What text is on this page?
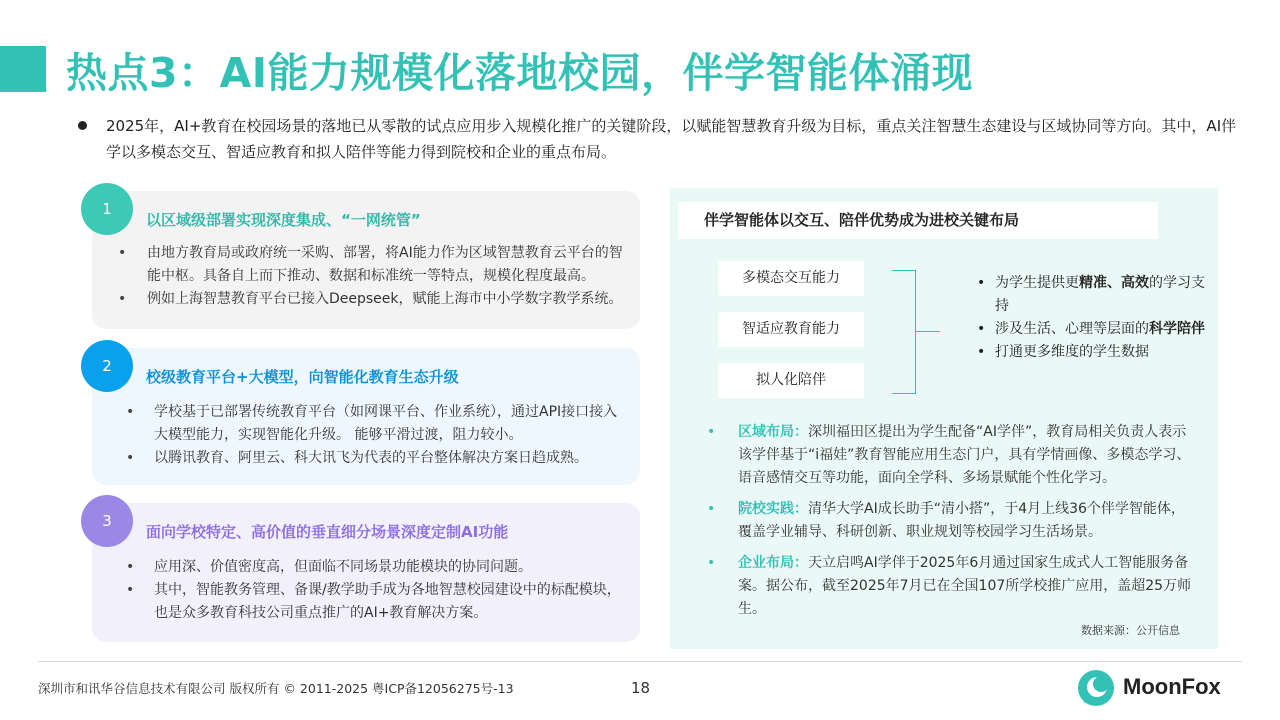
热点3：AI能力规模化落地校园，伴学智能体涌现

2025年，AI+教育在校园场景的落地已从零散的试点应用步入规模化推广的关键阶段，以赋能智慧教育升级为目标，重点关注智慧生态建设与区域协同等方向。其中，AI伴学以多模态交互、智适应教育和拟人陪伴等能力得到院校和企业的重点布局。

1
以区域级部署实现深度集成、“一网统管”
• 由地方教育局或政府统一采购、部署，将AI能力作为区域智慧教育云平台的智能中枢。具备自上而下推动、数据和标准统一等特点，规模化程度最高。
• 例如上海智慧教育平台已接入Deepseek，赋能上海市中小学数字教学系统。
2
校级教育平台+大模型，向智能化教育生态升级
• 学校基于已部署传统教育平台（如网课平台、作业系统），通过API接口接入大模型能力，实现智能化升级。 能够平滑过渡，阻力较小。
• 以腾讯教育、阿里云、科大讯飞为代表的平台整体解决方案日趋成熟。
3
面向学校特定、高价值的垂直细分场景深度定制AI功能
• 应用深、价值密度高，但面临不同场景功能模块的协同问题。
• 其中，智能教务管理、备课/教学助手成为各地智慧校园建设中的标配模块，也是众多教育科技公司重点推广的AI+教育解决方案。
伴学智能体以交互、陪伴优势成为进校关键布局
多模态交互能力
智适应教育能力
拟人化陪伴
• 为学生提供更精准、高效的学习支持
• 涉及生活、心理等层面的科学陪伴
• 打通更多维度的学生数据
• 区域布局：深圳福田区提出为学生配备“AI学伴”，教育局相关负责人表示该学伴基于“i福娃”教育智能应用生态门户，具有学情画像、多模态学习、语音感情交互等功能，面向全学科、多场景赋能个性化学习。
• 院校实践：清华大学AI成长助手“清小搭”，于4月上线36个伴学智能体，覆盖学业辅导、科研创新、职业规划等校园学习生活场景。
• 企业布局：天立启鸣AI学伴于2025年6月通过国家生成式人工智能服务备案。据公布，截至2025年7月已在全国107所学校推广应用，盖超25万师生。
数据来源：公开信息
深圳市和讯华谷信息技术有限公司 版权所有 © 2011-2025 粤ICP备12056275号-13	18	MoonFox
